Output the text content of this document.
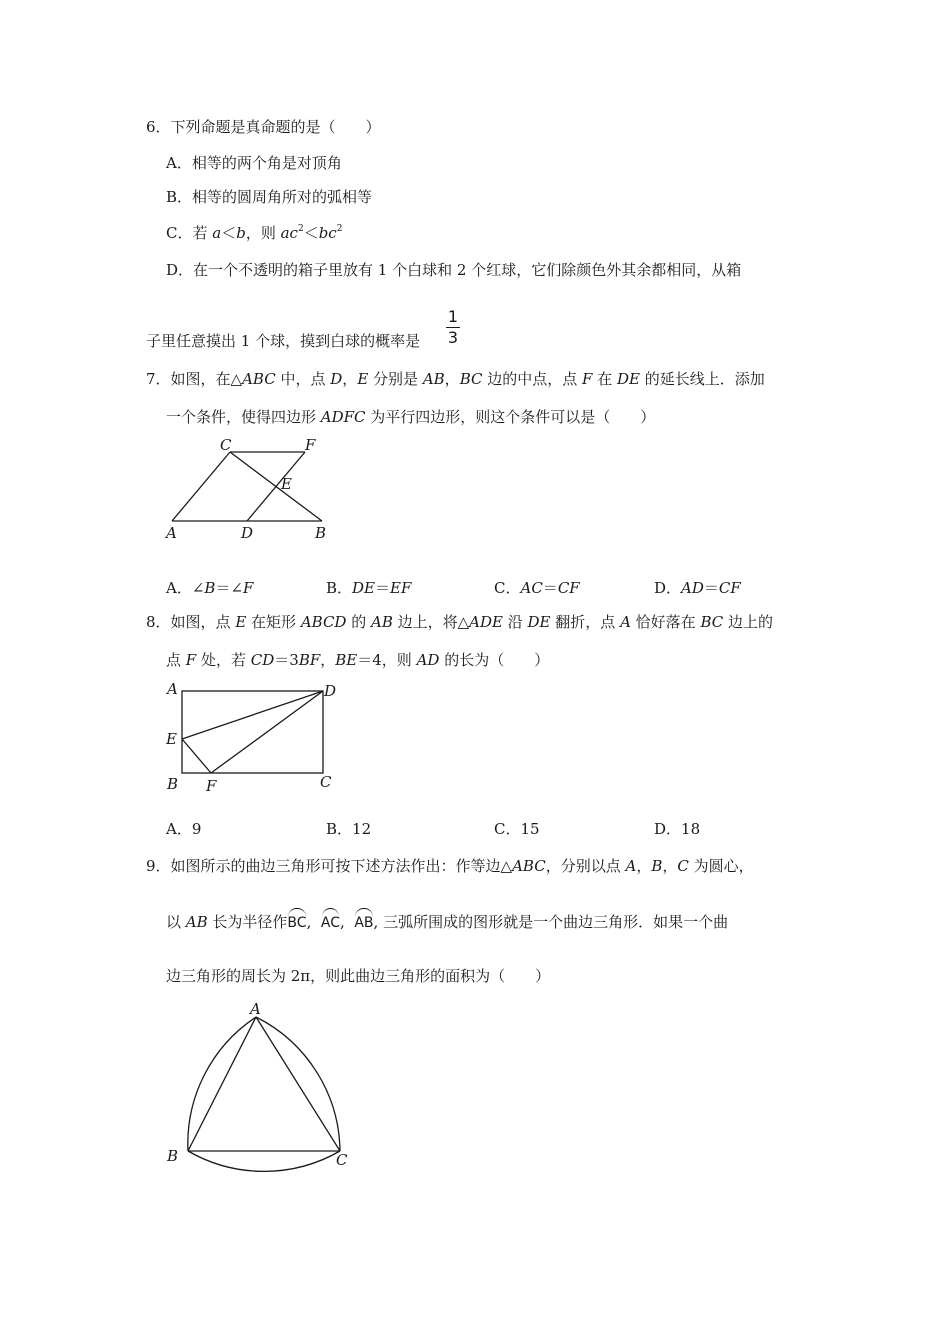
6．下列命题是真命题的是（　　）
A．相等的两个角是对顶角
B．相等的圆周角所对的弧相等
C．若 a＜b，则 $ac^2<bc^2$
D．在一个不透明的箱子里放有 1 个白球和 2 个红球，它们除颜色外其余都相同，从箱
子里任意摸出 1 个球，摸到白球的概率是
1
3
7．如图，在△ABC 中，点 D，E 分别是 AB，BC 边的中点，点 F 在 DE 的延长线上．添加
一个条件，使得四边形 ADFC 为平行四边形，则这个条件可以是（　　）
C	F
E
A	D	B
A．∠B＝∠F	B．DE＝EF	C．AC＝CF	D．AD＝CF
8．如图，点 E 在矩形 ABCD 的 AB 边上，将△ADE 沿 DE 翻折，点 A 恰好落在 BC 边上的
点 F 处，若 CD＝3BF，BE＝4，则 AD 的长为（　　）
A	D
E
B F	C
A．9	B．12	C．15	D．18
9．如图所示的曲边三角形可按下述方法作出：作等边△ABC，分别以点 A，B，C 为圆心，
以 AB 长为半径作BC, AC, AB, 三弧所围成的图形就是一个曲边三角形．如果一个曲
边三角形的周长为 2π，则此曲边三角形的面积为（　　）
A
B	C
